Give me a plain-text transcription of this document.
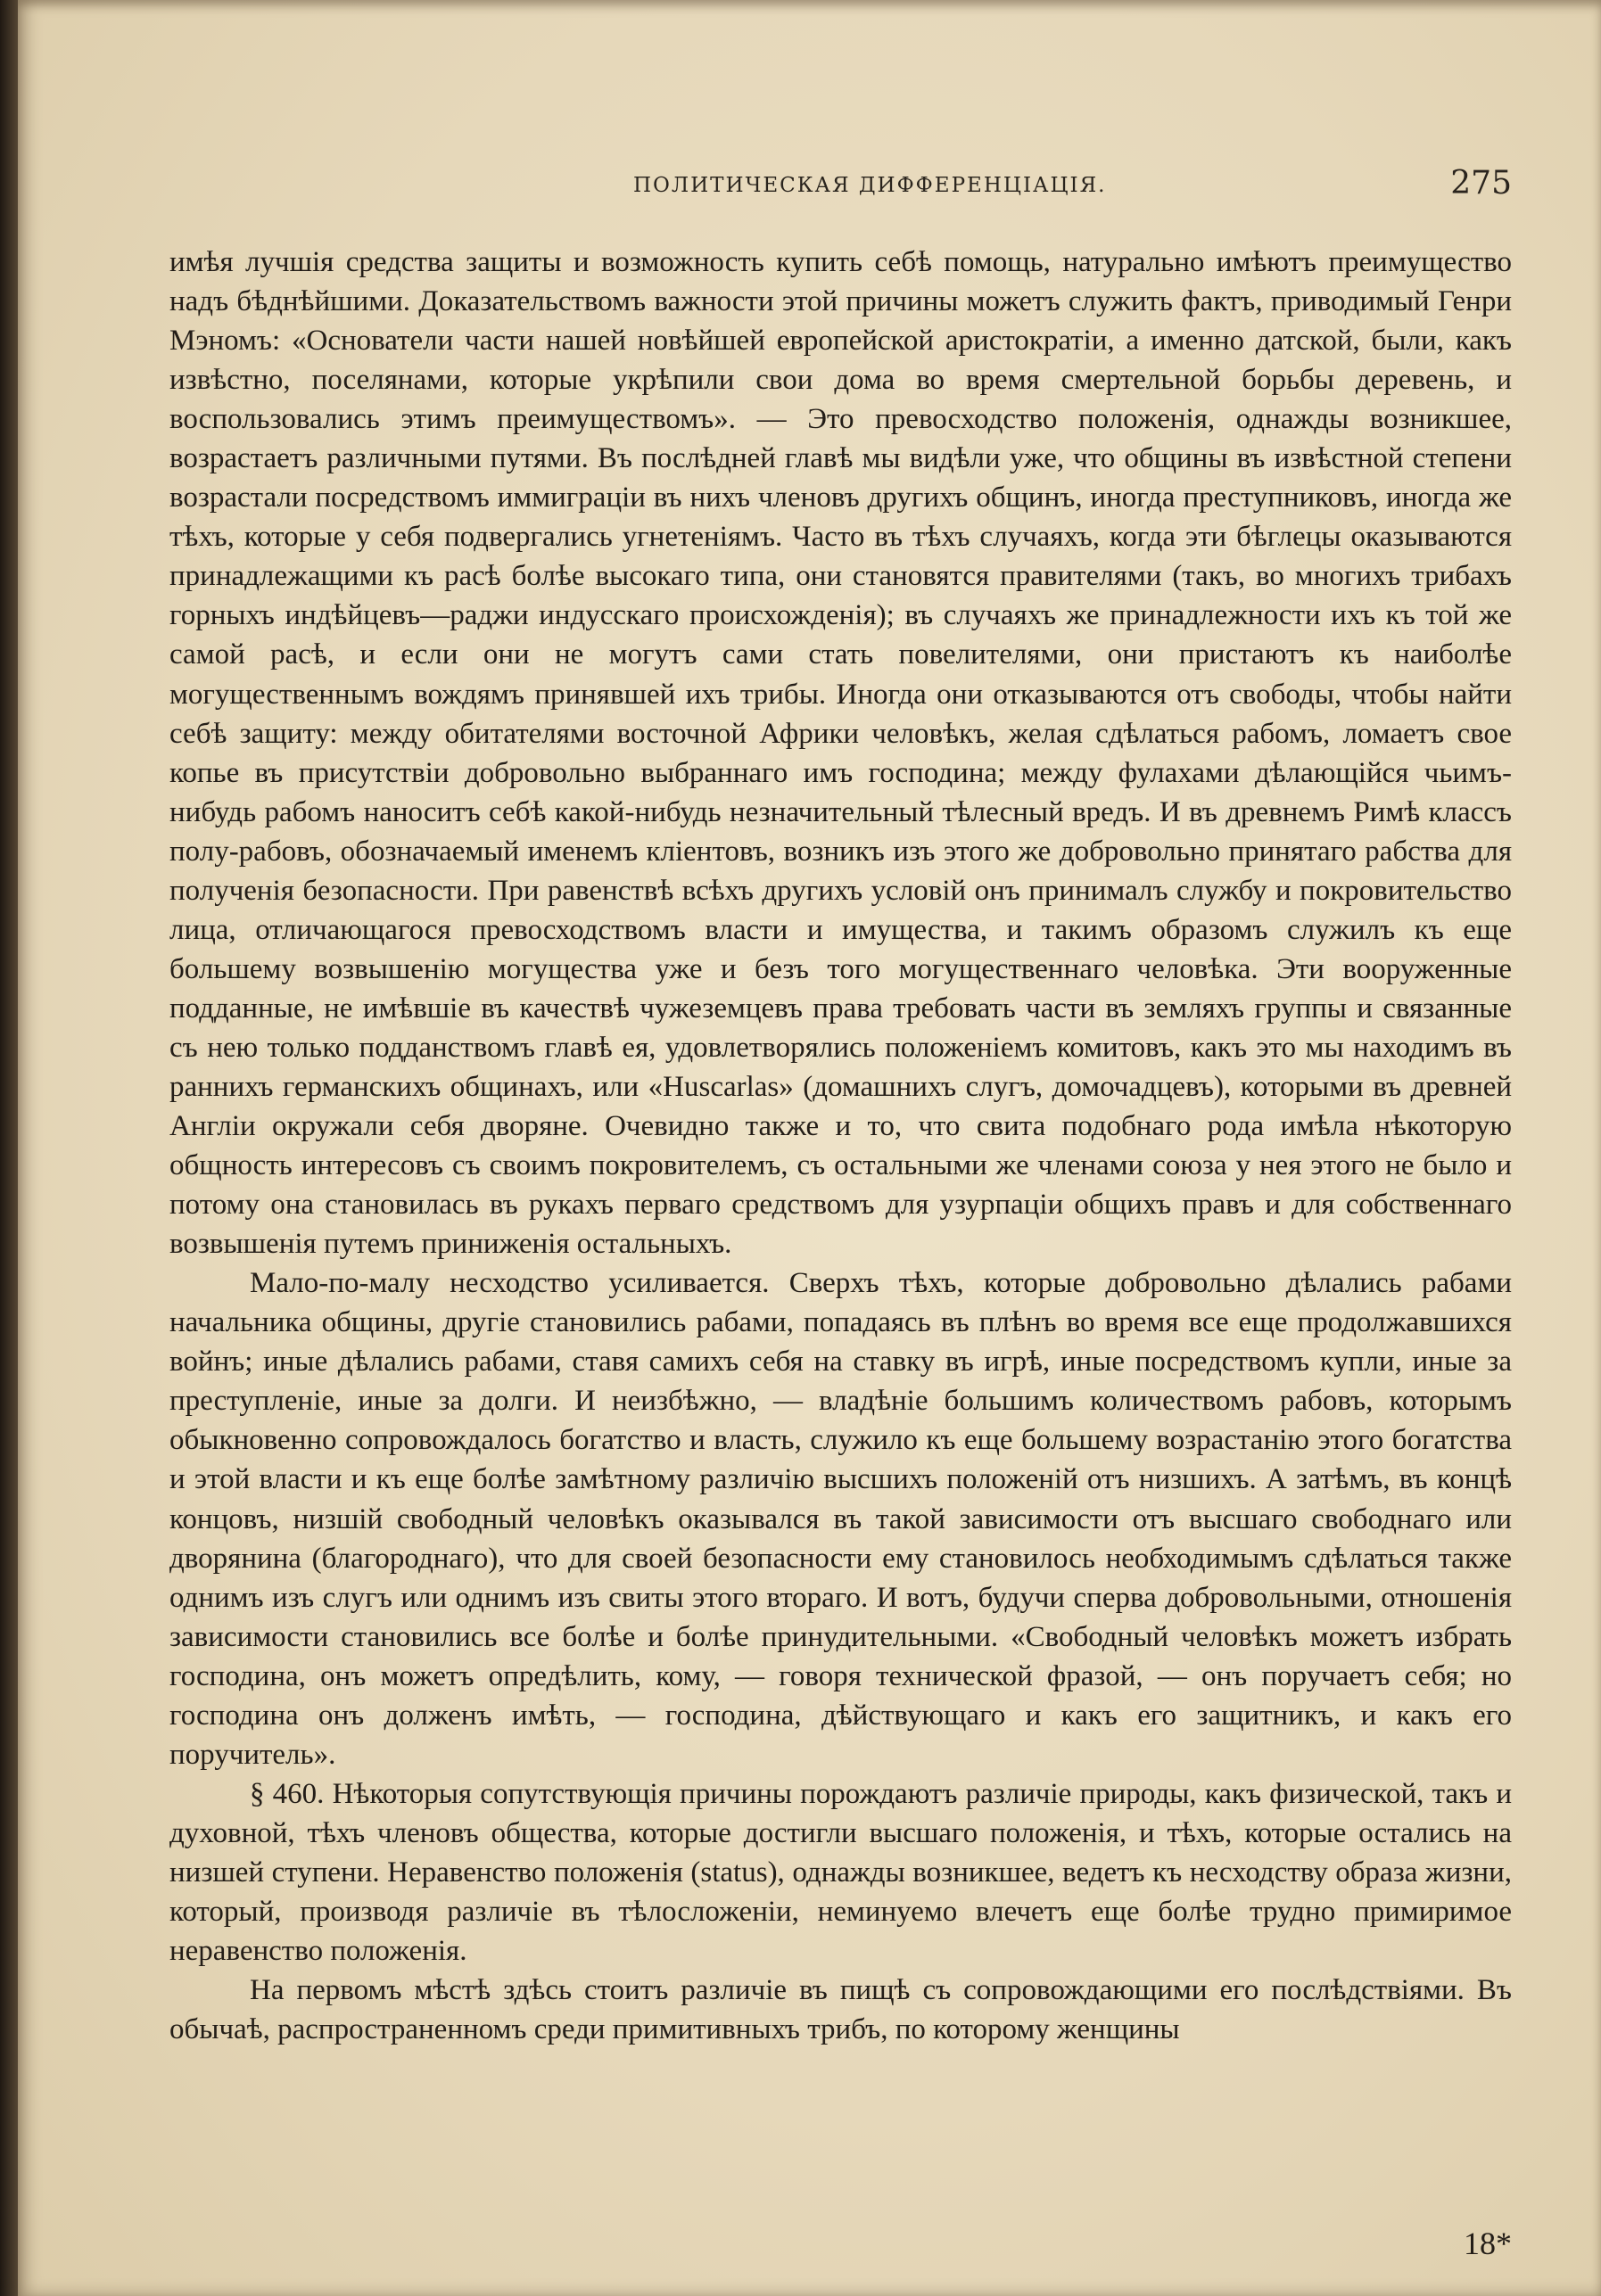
ПОЛИТИЧЕСКАЯ ДИФФЕРЕНЦІАЦІЯ.	275

имѣя лучшія средства защиты и возможность купить себѣ помощь, натурально имѣютъ преимущество надъ бѣднѣйшими. Доказательствомъ важности этой причины можетъ служить фактъ, приводимый Генри Мэномъ: «Основатели части нашей новѣйшей европейской аристократіи, а именно датской, были, какъ извѣстно, поселянами, которые укрѣпили свои дома во время смертельной борьбы деревень, и воспользовались этимъ преимуществомъ». — Это превосходство положенія, однажды возникшее, возрастаетъ различными путями. Въ послѣдней главѣ мы видѣли уже, что общины въ извѣстной степени возрастали посредствомъ иммиграціи въ нихъ членовъ другихъ общинъ, иногда преступниковъ, иногда же тѣхъ, которые у себя подвергались угнетеніямъ. Часто въ тѣхъ случаяхъ, когда эти бѣглецы оказываются принадлежащими къ расѣ болѣе высокаго типа, они становятся правителями (такъ, во многихъ трибахъ горныхъ индѣйцевъ—раджи индусскаго происхожденія); въ случаяхъ же принадлежности ихъ къ той же самой расѣ, и если они не могутъ сами стать повелителями, они пристаютъ къ наиболѣе могущественнымъ вождямъ принявшей ихъ трибы. Иногда они отказываются отъ свободы, чтобы найти себѣ защиту: между обитателями восточной Африки человѣкъ, желая сдѣлаться рабомъ, ломаетъ свое копье въ присутствіи добровольно выбраннаго имъ господина; между фулахами дѣлающійся чьимъ-нибудь рабомъ наноситъ себѣ какой-нибудь незначительный тѣлесный вредъ. И въ древнемъ Римѣ классъ полу-рабовъ, обозначаемый именемъ кліентовъ, возникъ изъ этого же добровольно принятаго рабства для полученія безопасности. При равенствѣ всѣхъ другихъ условій онъ принималъ службу и покровительство лица, отличающагося превосходствомъ власти и имущества, и такимъ образомъ служилъ къ еще большему возвышенію могущества уже и безъ того могущественнаго человѣка. Эти вооруженные подданные, не имѣвшіе въ качествѣ чужеземцевъ права требовать части въ земляхъ группы и связанные съ нею только подданствомъ главѣ ея, удовлетворялись положеніемъ комитовъ, какъ это мы находимъ въ раннихъ германскихъ общинахъ, или «Huscarlas» (домашнихъ слугъ, домочадцевъ), которыми въ древней Англіи окружали себя дворяне. Очевидно также и то, что свита подобнаго рода имѣла нѣкоторую общность интересовъ съ своимъ покровителемъ, съ остальными же членами союза у нея этого не было и потому она становилась въ рукахъ перваго средствомъ для узурпаціи общихъ правъ и для собственнаго возвышенія путемъ приниженія остальныхъ.

Мало-по-малу несходство усиливается. Сверхъ тѣхъ, которые добровольно дѣлались рабами начальника общины, другіе становились рабами, попадаясь въ плѣнъ во время все еще продолжавшихся войнъ; иные дѣлались рабами, ставя самихъ себя на ставку въ игрѣ, иные посредствомъ купли, иные за преступленіе, иные за долги. И неизбѣжно, — владѣніе большимъ количествомъ рабовъ, которымъ обыкновенно сопровождалось богатство и власть, служило къ еще большему возрастанію этого богатства и этой власти и къ еще болѣе замѣтному различію высшихъ положеній отъ низшихъ. А затѣмъ, въ концѣ концовъ, низшій свободный человѣкъ оказывался въ такой зависимости отъ высшаго свободнаго или дворянина (благороднаго), что для своей безопасности ему становилось необходимымъ сдѣлаться также однимъ изъ слугъ или однимъ изъ свиты этого втораго. И вотъ, будучи сперва добровольными, отношенія зависимости становились все болѣе и болѣе принудительными. «Свободный человѣкъ можетъ избрать господина, онъ можетъ опредѣлить, кому, — говоря технической фразой, — онъ поручаетъ себя; но господина онъ долженъ имѣть, — господина, дѣйствующаго и какъ его защитникъ, и какъ его поручитель».

§ 460. Нѣкоторыя сопутствующія причины порождаютъ различіе природы, какъ физической, такъ и духовной, тѣхъ членовъ общества, которые достигли высшаго положенія, и тѣхъ, которые остались на низшей ступени. Неравенство положенія (status), однажды возникшее, ведетъ къ несходству образа жизни, который, производя различіе въ тѣлосложеніи, неминуемо влечетъ еще болѣе трудно примиримое неравенство положенія.

На первомъ мѣстѣ здѣсь стоитъ различіе въ пищѣ съ сопровождающими его послѣдствіями. Въ обычаѣ, распространенномъ среди примитивныхъ трибъ, по которому женщины

18*
